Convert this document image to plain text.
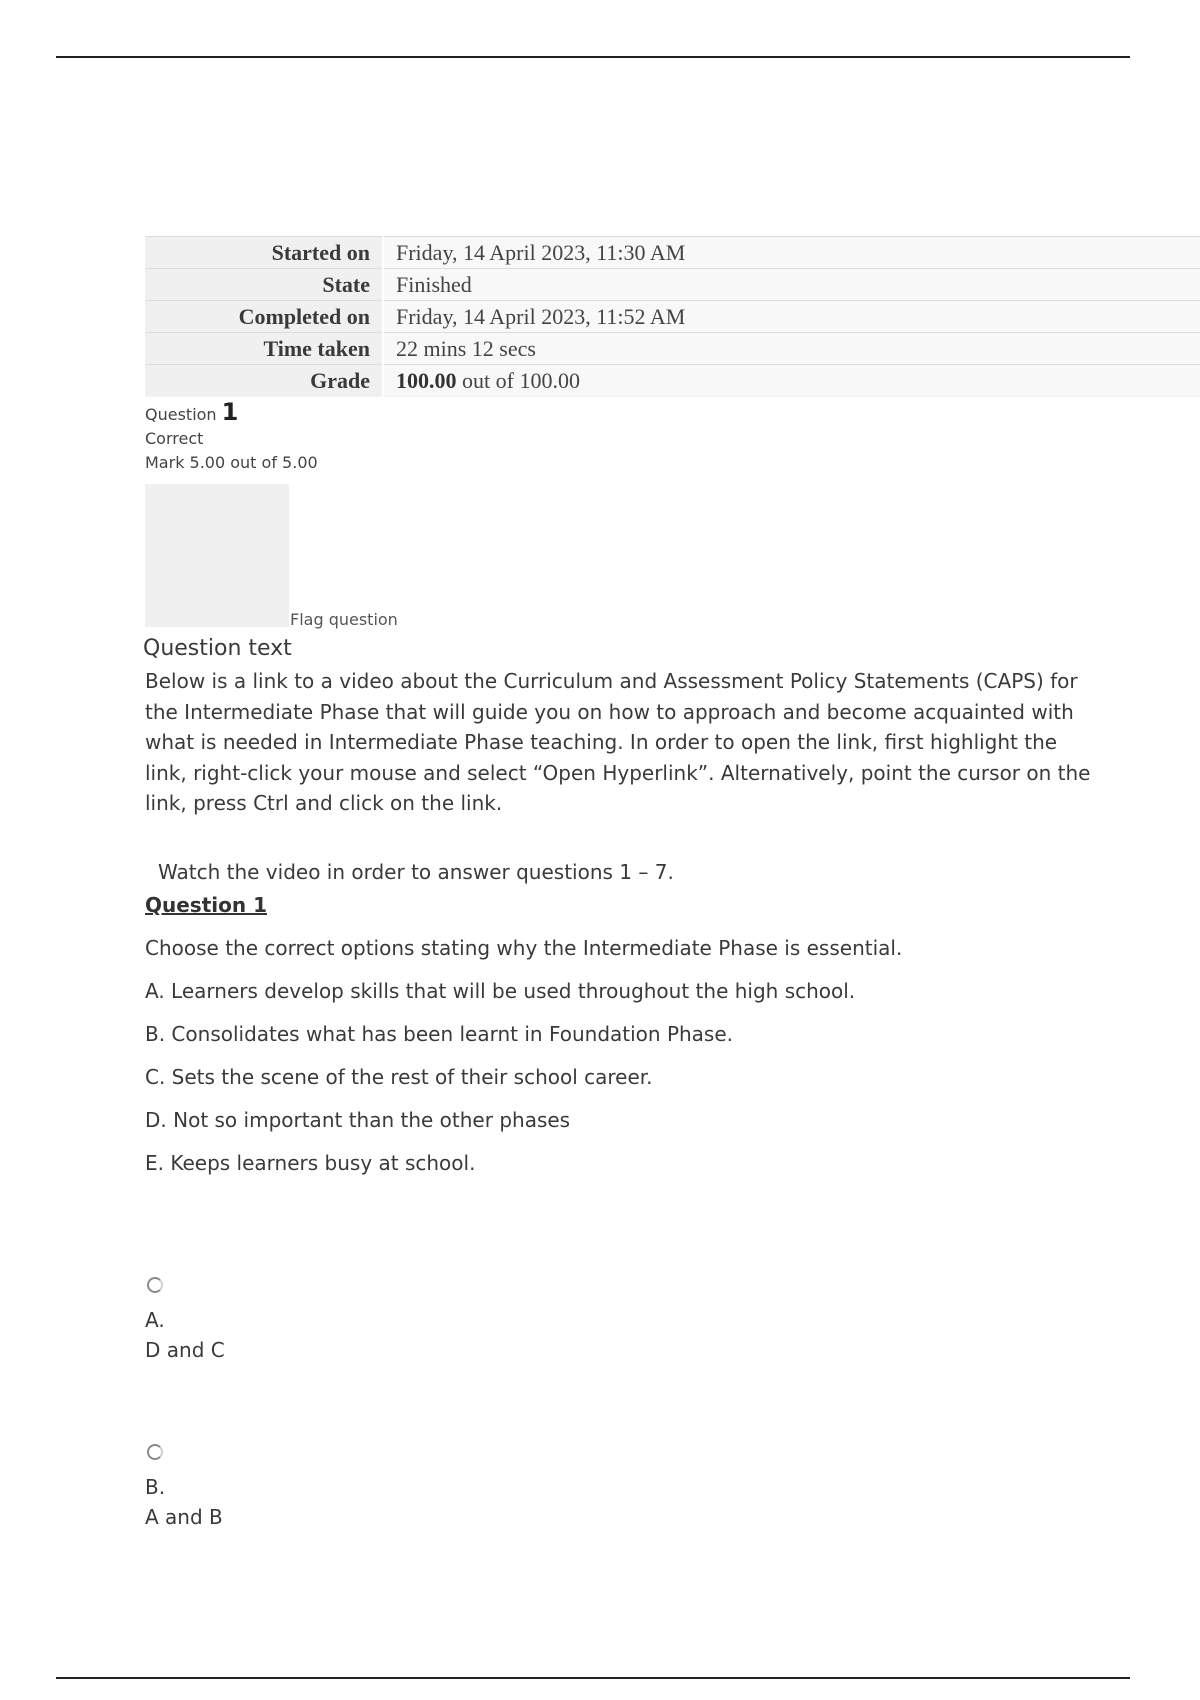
Started on	Friday, 14 April 2023, 11:30 AM
State	Finished
Completed on	Friday, 14 April 2023, 11:52 AM
Time taken	22 mins 12 secs
Grade	100.00 out of 100.00
Question 1
Correct
Mark 5.00 out of 5.00
Flag question
Question text
Below is a link to a video about the Curriculum and Assessment Policy Statements (CAPS) for the Intermediate Phase that will guide you on how to approach and become acquainted with what is needed in Intermediate Phase teaching. In order to open the link, first highlight the link, right-click your mouse and select “Open Hyperlink”. Alternatively, point the cursor on the link, press Ctrl and click on the link.
Watch the video in order to answer questions 1 – 7.
Question 1
Choose the correct options stating why the Intermediate Phase is essential.
A. Learners develop skills that will be used throughout the high school.
B. Consolidates what has been learnt in Foundation Phase.
C. Sets the scene of the rest of their school career.
D. Not so important than the other phases
E. Keeps learners busy at school.
A.
D and C
B.
A and B
